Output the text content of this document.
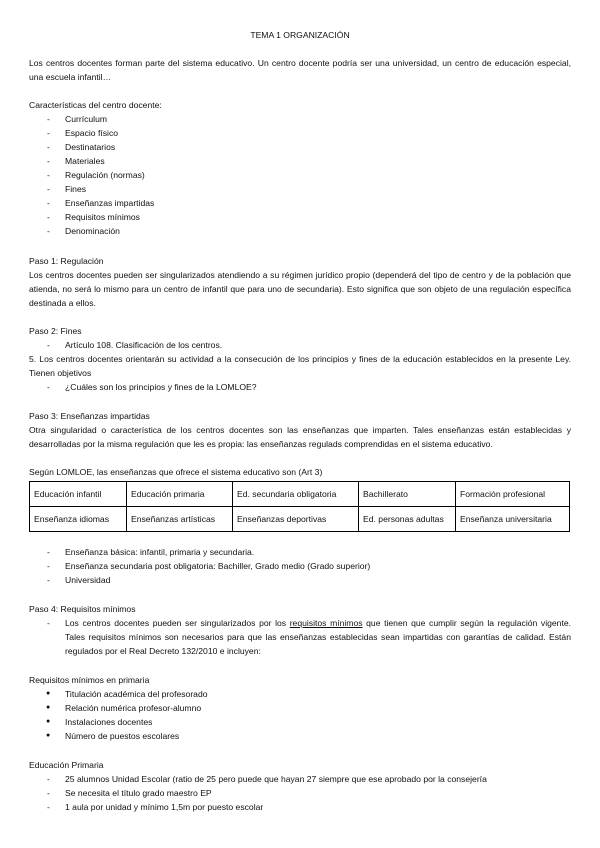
TEMA 1 ORGANIZACIÓN

Los centros docentes forman parte del sistema educativo. Un centro docente podría ser una universidad, un centro de educación especial, una escuela infantil…

Características del centro docente:

- Currículum
- Espacio físico
- Destinatarios
- Materiales
- Regulación (normas)
- Fines
- Enseñanzas impartidas
- Requisitos mínimos
- Denominación

Paso 1: Regulación

Los centros docentes pueden ser singularizados atendiendo a su régimen jurídico propio (dependerá del tipo de centro y de la población que atienda, no será lo mismo para un centro de infantil que para uno de secundaria). Esto significa que son objeto de una regulación específica destinada a ellos.

Paso 2: Fines

- Artículo 108. Clasificación de los centros.

5. Los centros docentes orientarán su actividad a la consecución de los principios y fines de la educación establecidos en la presente Ley. Tienen objetivos

- ¿Cuáles son los principios y fines de la LOMLOE?

Paso 3: Enseñanzas impartidas

Otra singularidad o característica de los centros docentes son las enseñanzas que imparten. Tales enseñanzas están establecidas y desarrolladas por la misma regulación que les es propia: las enseñanzas regulads comprendidas en el sistema educativo.

Según LOMLOE, las enseñanzas que ofrece el sistema educativo son (Art 3)

Educación infantil	Educación primaria	Ed. secundaria obligatoria	Bachillerato	Formación profesional
Enseñanza idiomas	Enseñanzas artísticas	Enseñanzas deportivas	Ed. personas adultas	Enseñanza universitaria
- Enseñanza básica: infantil, primaria y secundaria.
- Enseñanza secundaria post obligatoria: Bachiller, Grado medio (Grado superior)
- Universidad

Paso 4: Requisitos mínimos

- Los centros docentes pueden ser singularizados por los requisitos mínimos que tienen que cumplir según la regulación vigente. Tales requisitos mínimos son necesarios para que las enseñanzas establecidas sean impartidas con garantías de calidad. Están regulados por el Real Decreto 132/2010 e incluyen:

Requisitos mínimos en primaria

● Titulación académica del profesorado
● Relación numérica profesor-alumno
● Instalaciones docentes
● Número de puestos escolares

Educación Primaria

- 25 alumnos Unidad Escolar (ratio de 25 pero puede que hayan 27 siempre que ese aprobado por la consejería
- Se necesita el título grado maestro EP
- 1 aula por unidad y mínimo 1,5m por puesto escolar
